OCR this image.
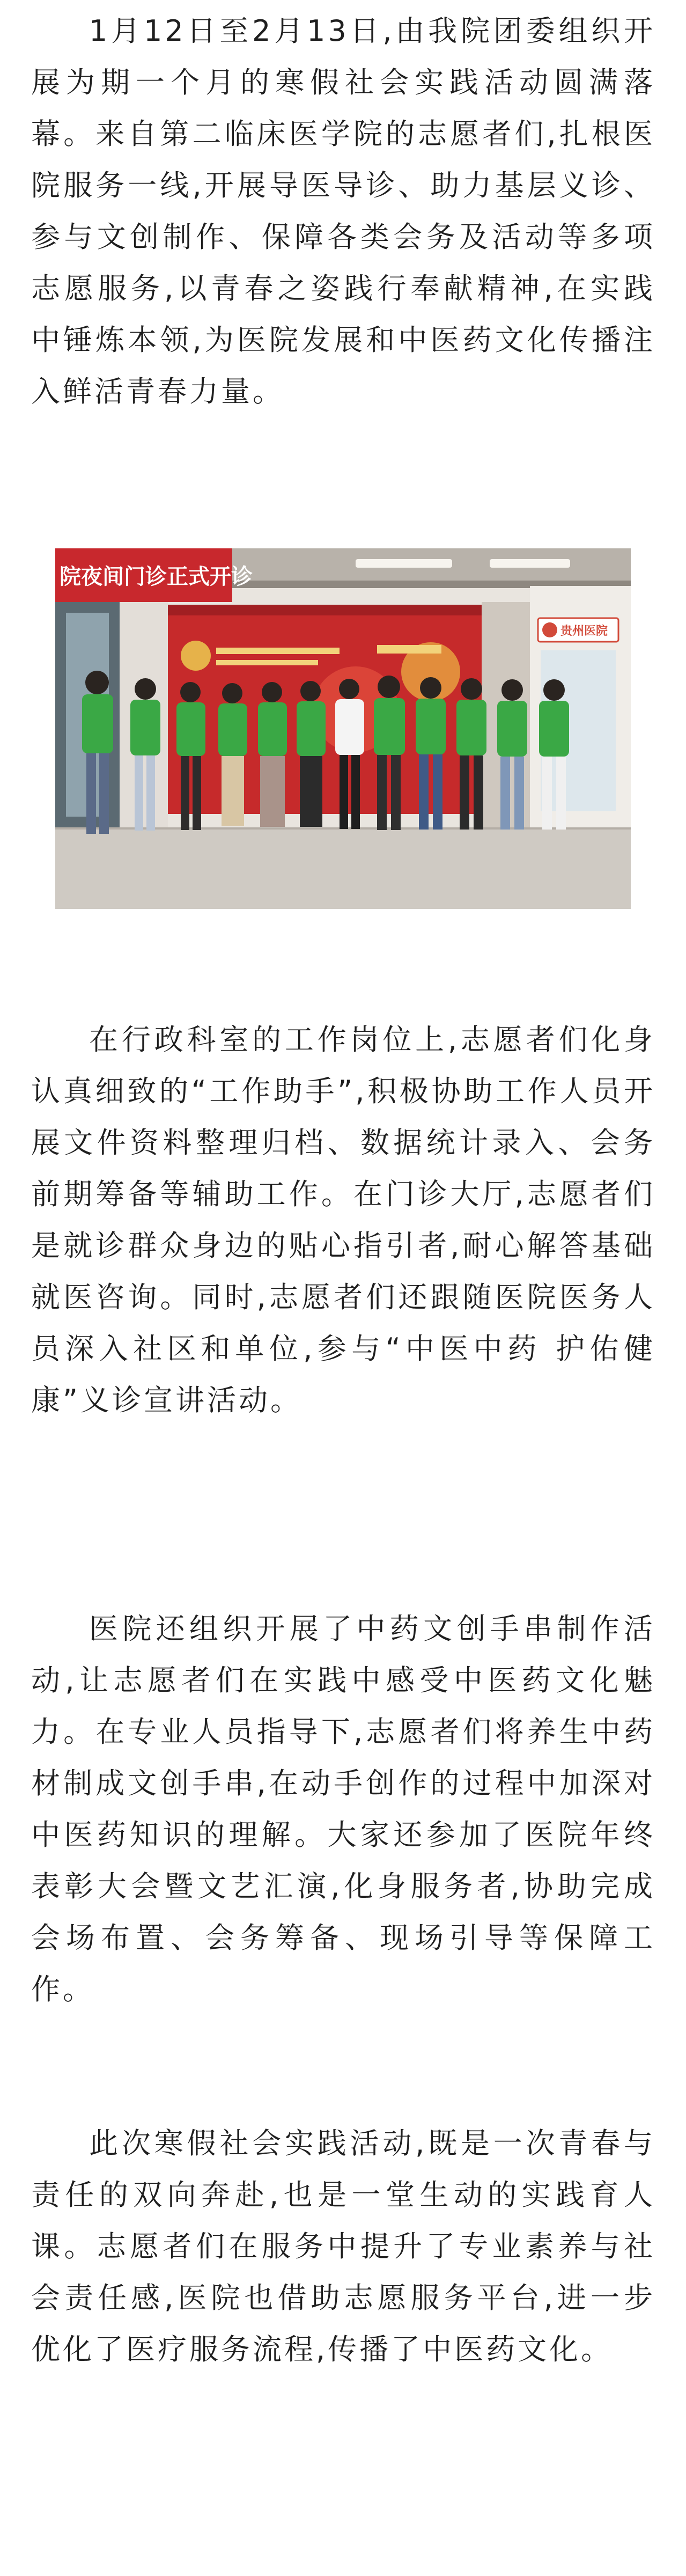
1月12日至2月13日,由我院团委组织开展为期一个月的寒假社会实践活动圆满落幕。来自第二临床医学院的志愿者们,扎根医院服务一线,开展导医导诊、助力基层义诊、参与文创制作、保障各类会务及活动等多项志愿服务,以青春之姿践行奉献精神,在实践中锤炼本领,为医院发展和中医药文化传播注入鲜活青春力量。

院夜间门诊正式开诊
贵州医院

在行政科室的工作岗位上,志愿者们化身认真细致的“工作助手”,积极协助工作人员开展文件资料整理归档、数据统计录入、会务前期筹备等辅助工作。在门诊大厅,志愿者们是就诊群众身边的贴心指引者,耐心解答基础就医咨询。同时,志愿者们还跟随医院医务人员深入社区和单位,参与“中医中药 护佑健康”义诊宣讲活动。

医院还组织开展了中药文创手串制作活动,让志愿者们在实践中感受中医药文化魅力。在专业人员指导下,志愿者们将养生中药材制成文创手串,在动手创作的过程中加深对中医药知识的理解。大家还参加了医院年终表彰大会暨文艺汇演,化身服务者,协助完成会场布置、会务筹备、现场引导等保障工作。

此次寒假社会实践活动,既是一次青春与责任的双向奔赴,也是一堂生动的实践育人课。志愿者们在服务中提升了专业素养与社会责任感,医院也借助志愿服务平台,进一步优化了医疗服务流程,传播了中医药文化。
